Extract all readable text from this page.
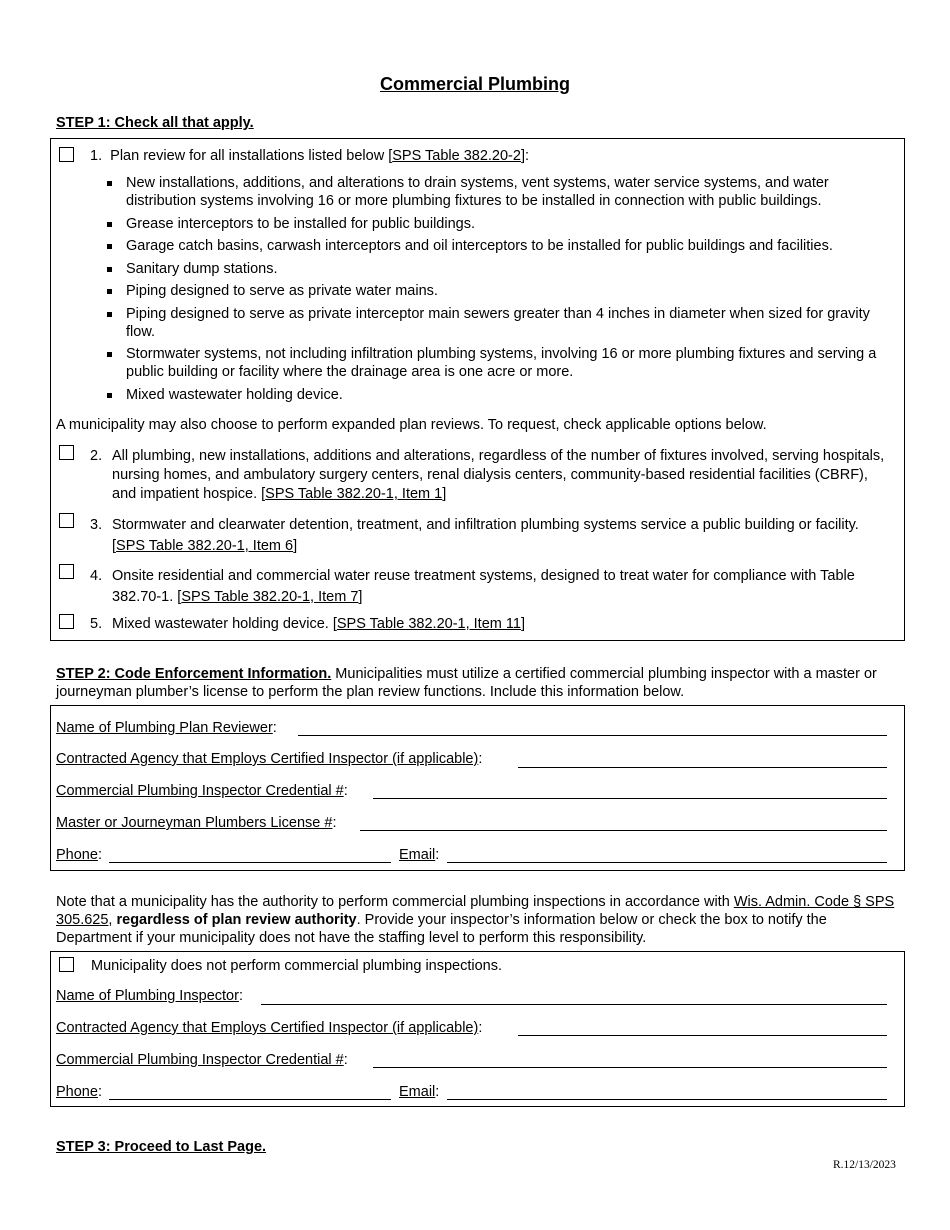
Commercial Plumbing
STEP 1: Check all that apply.
1. Plan review for all installations listed below [SPS Table 382.20-2]:
New installations, additions, and alterations to drain systems, vent systems, water service systems, and water distribution systems involving 16 or more plumbing fixtures to be installed in connection with public buildings.
Grease interceptors to be installed for public buildings.
Garage catch basins, carwash interceptors and oil interceptors to be installed for public buildings and facilities.
Sanitary dump stations.
Piping designed to serve as private water mains.
Piping designed to serve as private interceptor main sewers greater than 4 inches in diameter when sized for gravity flow.
Stormwater systems, not including infiltration plumbing systems, involving 16 or more plumbing fixtures and serving a public building or facility where the drainage area is one acre or more.
Mixed wastewater holding device.
A municipality may also choose to perform expanded plan reviews. To request, check applicable options below.
2. All plumbing, new installations, additions and alterations, regardless of the number of fixtures involved, serving hospitals, nursing homes, and ambulatory surgery centers, renal dialysis centers, community-based residential facilities (CBRF), and impatient hospice. [SPS Table 382.20-1, Item 1]
3. Stormwater and clearwater detention, treatment, and infiltration plumbing systems service a public building or facility. [SPS Table 382.20-1, Item 6]
4. Onsite residential and commercial water reuse treatment systems, designed to treat water for compliance with Table 382.70-1. [SPS Table 382.20-1, Item 7]
5. Mixed wastewater holding device. [SPS Table 382.20-1, Item 11]
STEP 2: Code Enforcement Information. Municipalities must utilize a certified commercial plumbing inspector with a master or journeyman plumber’s license to perform the plan review functions. Include this information below.
Name of Plumbing Plan Reviewer:
Contracted Agency that Employs Certified Inspector (if applicable):
Commercial Plumbing Inspector Credential #:
Master or Journeyman Plumbers License #:
Phone:	Email:
Note that a municipality has the authority to perform commercial plumbing inspections in accordance with Wis. Admin. Code § SPS 305.625, regardless of plan review authority. Provide your inspector’s information below or check the box to notify the Department if your municipality does not have the staffing level to perform this responsibility.
Municipality does not perform commercial plumbing inspections.
Name of Plumbing Inspector:
Contracted Agency that Employs Certified Inspector (if applicable):
Commercial Plumbing Inspector Credential #:
Phone:	Email:
STEP 3: Proceed to Last Page.
R.12/13/2023
